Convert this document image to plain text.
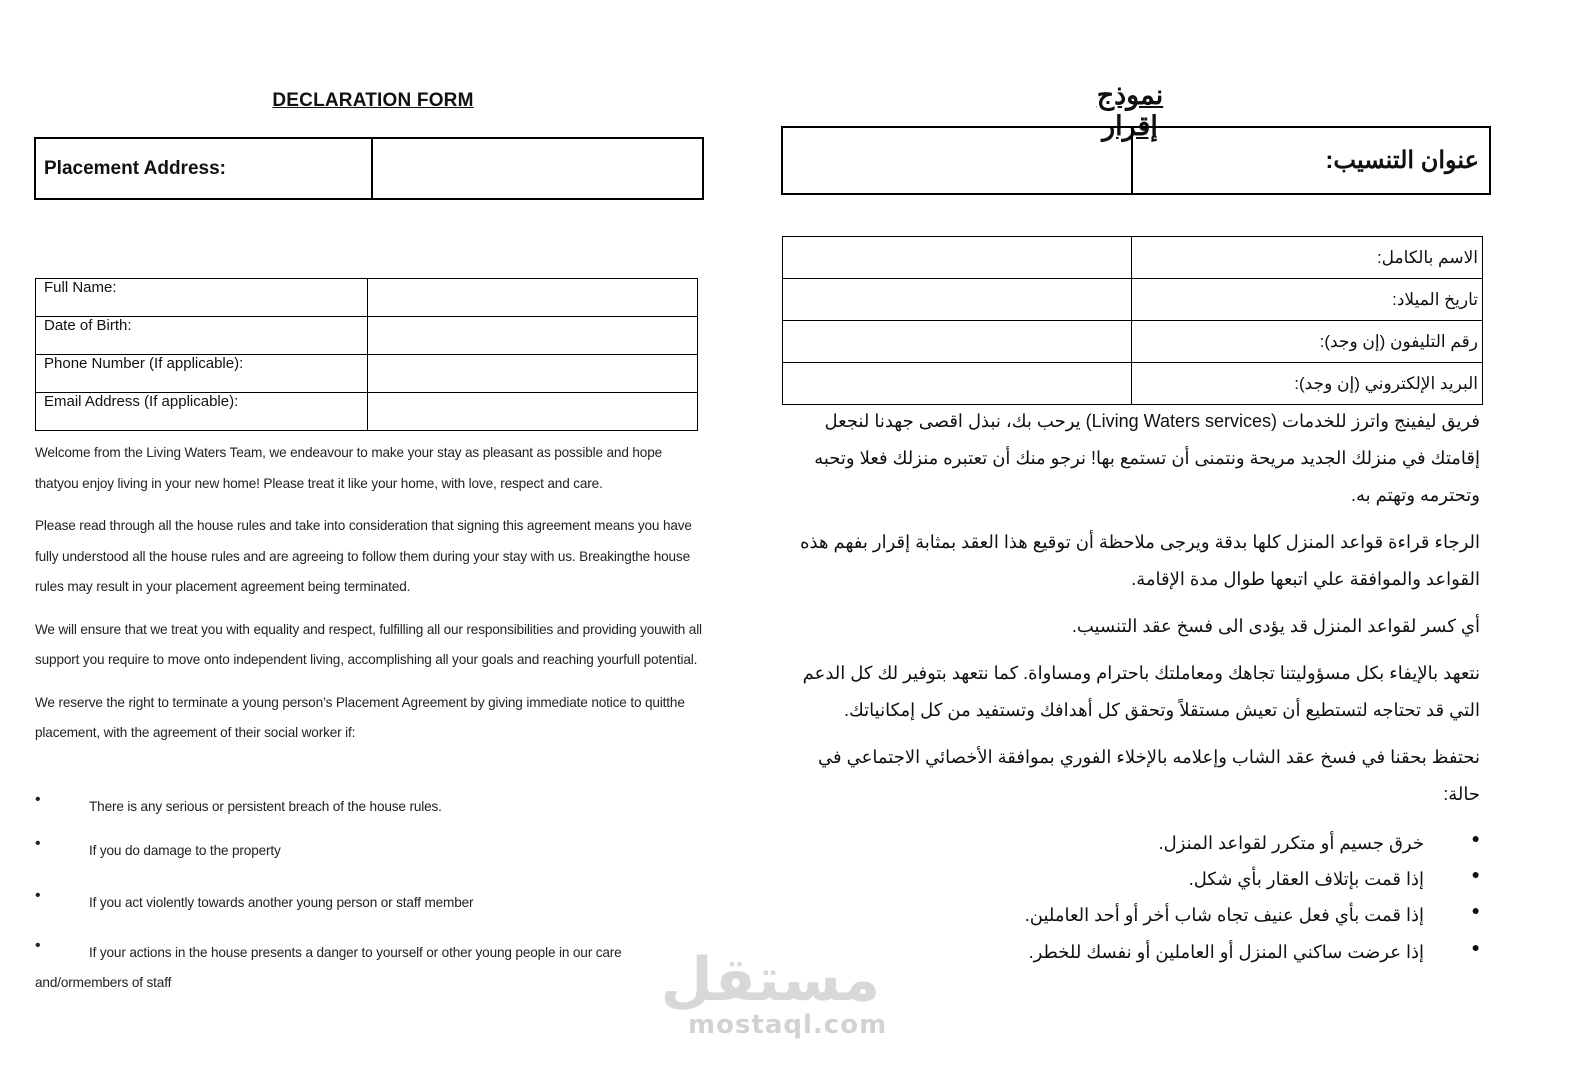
DECLARATION FORM
Placement Address:	
Full Name:	
Date of Birth:	
Phone Number (If applicable):	
Email Address (If applicable):	

Welcome from the Living Waters Team, we endeavour to make your stay as pleasant as possible and hope thatyou enjoy living in your new home! Please treat it like your home, with love, respect and care.

Please read through all the house rules and take into consideration that signing this agreement means you have fully understood all the house rules and are agreeing to follow them during your stay with us. Breakingthe house rules may result in your placement agreement being terminated.

We will ensure that we treat you with equality and respect, fulfilling all our responsibilities and providing youwith all support you require to move onto independent living, accomplishing all your goals and reaching yourfull potential.

We reserve the right to terminate a young person’s Placement Agreement by giving immediate notice to quitthe placement, with the agreement of their social worker if:

•	There is any serious or persistent breach of the house rules.
•	If you do damage to the property
•	If you act violently towards another young person or staff member
•	If your actions in the house presents a danger to yourself or other young people in our care and/ormembers of staff
نموذج إقرار
	عنوان التنسيب:
	الاسم بالكامل:
	تاريخ الميلاد:
	رقم التليفون (إن وجد):
	البريد الإلكتروني (إن وجد):

فريق ليفينج واترز للخدمات (Living Waters services) يرحب بك، نبذل اقصى جهدنا لنجعل إقامتك في منزلك الجديد مريحة ونتمنى أن تستمع بها! نرجو منك أن تعتبره منزلك فعلا وتحبه وتحترمه وتهتم به.

الرجاء قراءة قواعد المنزل كلها بدقة ويرجى ملاحظة أن توقيع هذا العقد بمثابة إقرار بفهم هذه القواعد والموافقة علي اتبعها طوال مدة الإقامة.

أي كسر لقواعد المنزل قد يؤدى الى فسخ عقد التنسيب.

نتعهد بالإيفاء بكل مسؤوليتنا تجاهك ومعاملتك باحترام ومساواة. كما نتعهد بتوفير لك كل الدعم التي قد تحتاجه لتستطيع أن تعيش مستقلاً وتحقق كل أهدافك وتستفيد من كل إمكانياتك.

نحتفظ بحقنا في فسخ عقد الشاب وإعلامه بالإخلاء الفوري بموافقة الأخصائي الاجتماعي في حالة:

●
خرق جسيم أو متكرر لقواعد المنزل.
●
إذا قمت بإتلاف العقار بأي شكل.
●
إذا قمت بأي فعل عنيف تجاه شاب أخر أو أحد العاملين.
●
إذا عرضت ساكني المنزل أو العاملين أو نفسك للخطر.
مستقل
mostaql.com
